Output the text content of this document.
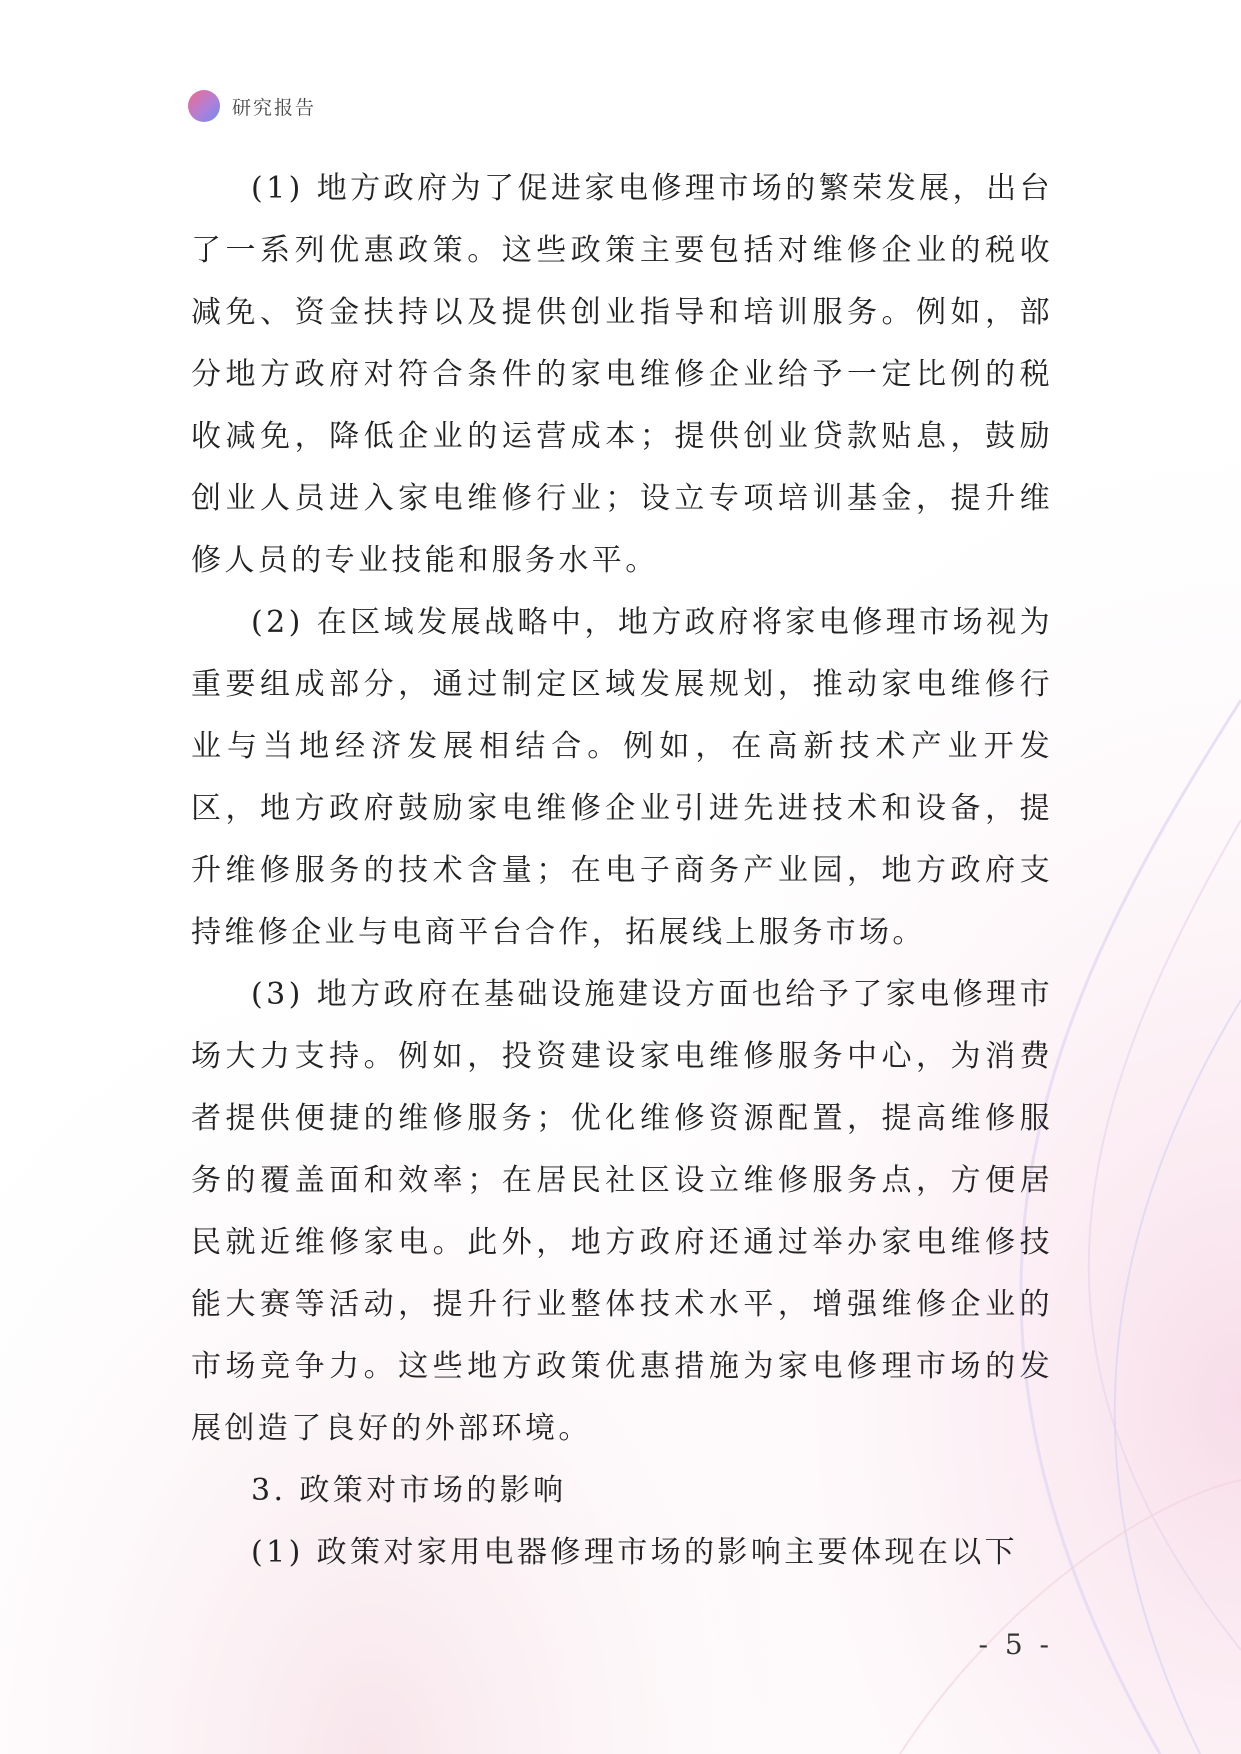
研究报告

(1) 地方政府为了促进家电修理市场的繁荣发展，出台了一系列优惠政策。这些政策主要包括对维修企业的税收减免、资金扶持以及提供创业指导和培训服务。例如，部分地方政府对符合条件的家电维修企业给予一定比例的税收减免，降低企业的运营成本；提供创业贷款贴息，鼓励创业人员进入家电维修行业；设立专项培训基金，提升维修人员的专业技能和服务水平。

(2) 在区域发展战略中，地方政府将家电修理市场视为重要组成部分，通过制定区域发展规划，推动家电维修行业与当地经济发展相结合。例如，在高新技术产业开发区，地方政府鼓励家电维修企业引进先进技术和设备，提升维修服务的技术含量；在电子商务产业园，地方政府支持维修企业与电商平台合作，拓展线上服务市场。

(3) 地方政府在基础设施建设方面也给予了家电修理市场大力支持。例如，投资建设家电维修服务中心，为消费者提供便捷的维修服务；优化维修资源配置，提高维修服务的覆盖面和效率；在居民社区设立维修服务点，方便居民就近维修家电。此外，地方政府还通过举办家电维修技能大赛等活动，提升行业整体技术水平，增强维修企业的市场竞争力。这些地方政策优惠措施为家电修理市场的发展创造了良好的外部环境。

3. 政策对市场的影响

(1) 政策对家用电器修理市场的影响主要体现在以下

- 5 -
